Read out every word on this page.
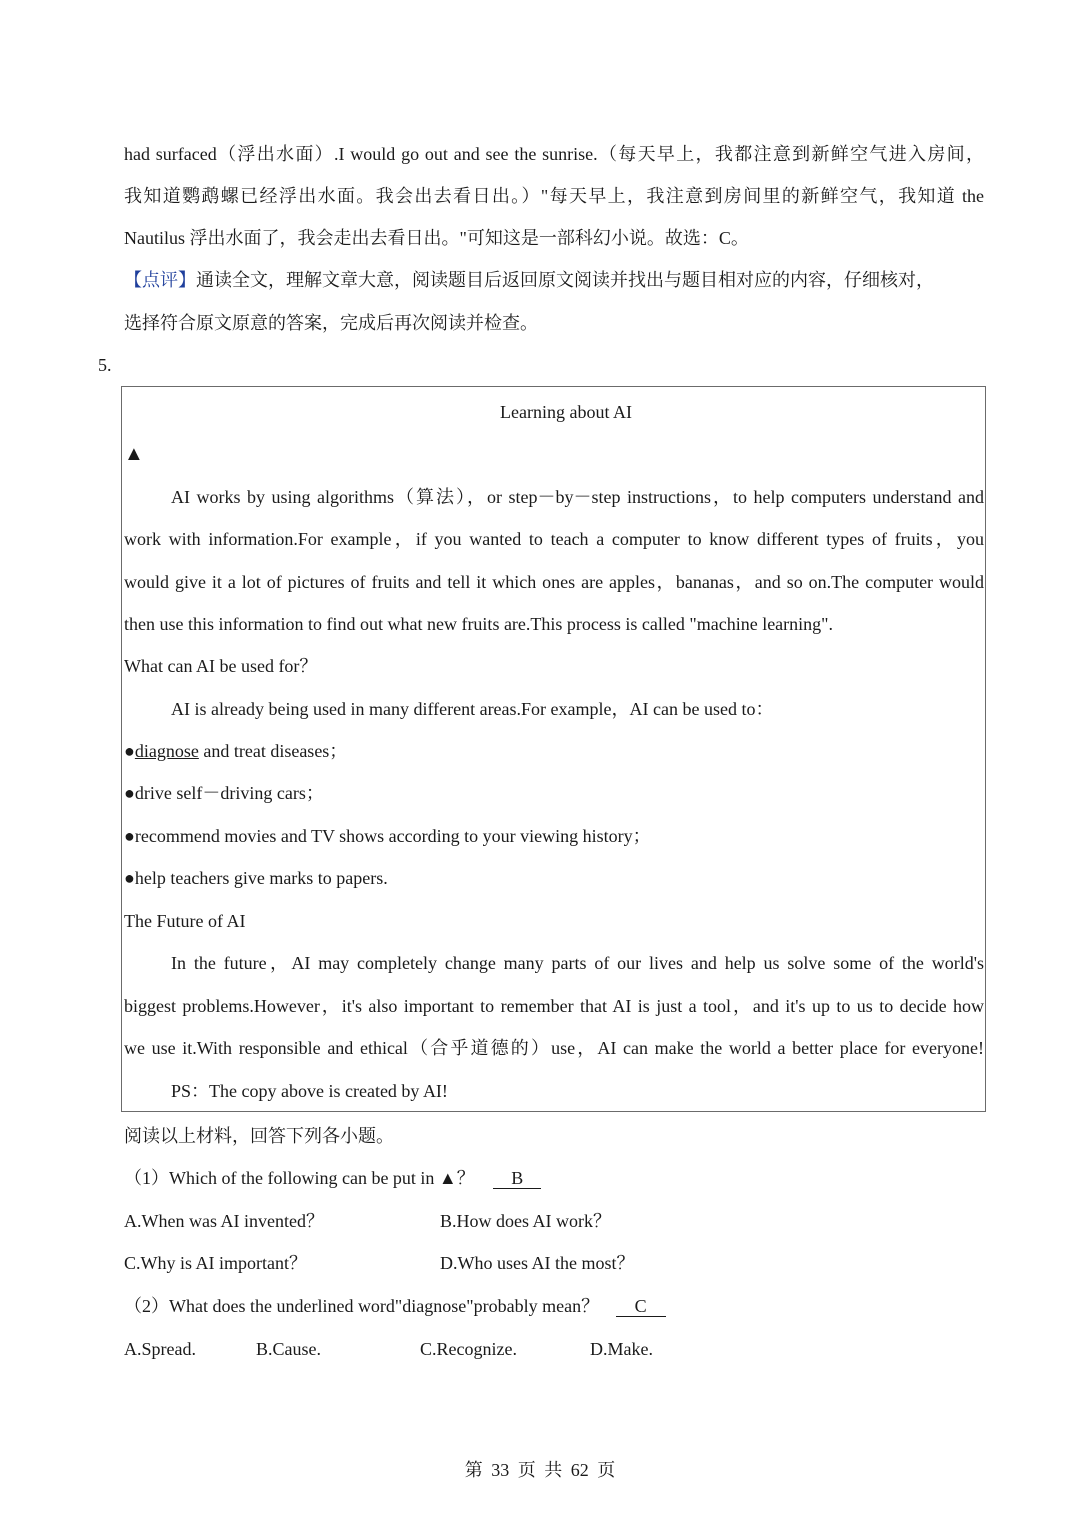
had surfaced（浮出水面）.I would go out and see the sunrise.（每天早上，我都注意到新鲜空气进入房间，
我知道鹦鹉螺已经浮出水面。我会出去看日出。）"每天早上，我注意到房间里的新鲜空气，我知道 the
Nautilus 浮出水面了，我会走出去看日出。"可知这是一部科幻小说。故选：C。
【点评】通读全文，理解文章大意，阅读题目后返回原文阅读并找出与题目相对应的内容，仔细核对，
选择符合原文原意的答案，完成后再次阅读并检查。
5.
Learning about AI
▲
AI works by using algorithms（算法），or step－by－step instructions，to help computers understand and
work with information.For example，if you wanted to teach a computer to know different types of fruits，you
would give it a lot of pictures of fruits and tell it which ones are apples，bananas，and so on.The computer would
then use this information to find out what new fruits are.This process is called "machine learning".
What can AI be used for？
AI is already being used in many different areas.For example，AI can be used to：
●diagnose and treat diseases；
●drive self－driving cars；
●recommend movies and TV shows according to your viewing history；
●help teachers give marks to papers.
The Future of AI
In the future，AI may completely change many parts of our lives and help us solve some of the world's
biggest problems.However，it's also important to remember that AI is just a tool，and it's up to us to decide how
we use it.With responsible and ethical（合乎道德的）use，AI can make the world a better place for everyone!
PS：The copy above is created by AI!
阅读以上材料，回答下列各小题。
（1）Which of the following can be put in ▲？ B
A.When was AI invented？	B.How does AI work？
C.Why is AI important？	D.Who uses AI the most？
（2）What does the underlined word"diagnose"probably mean？ C
A.Spread.	B.Cause.	C.Recognize.	D.Make.
第 33 页 共 62 页
